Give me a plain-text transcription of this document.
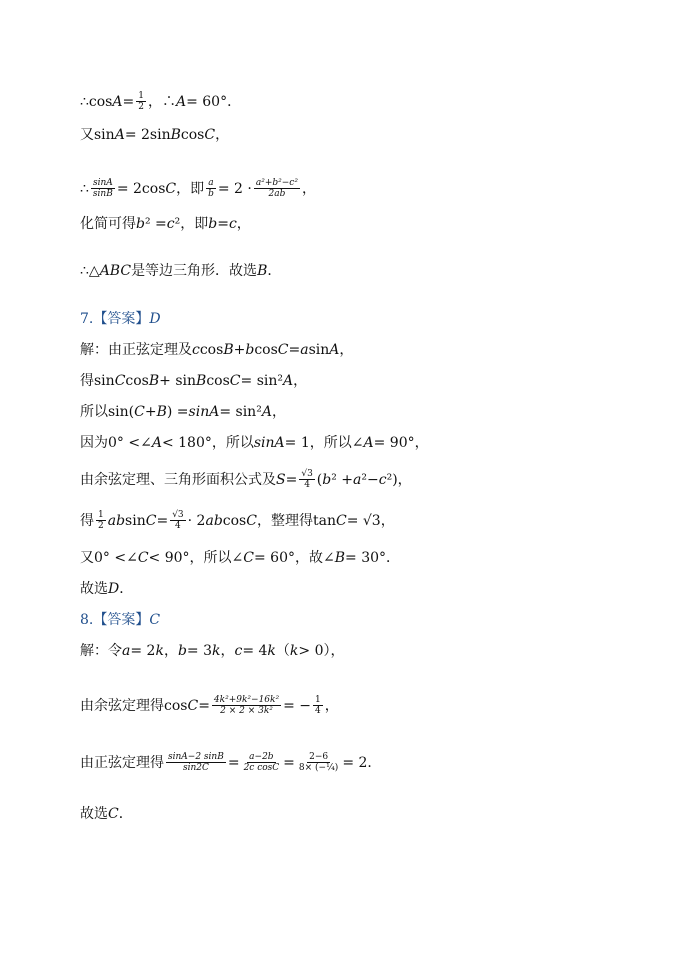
∴cos $A = \frac{1}{2}$ ，∴ A = 60°．
又sin A = 2sin B cos C ，
∴ $\frac{\sin A}{\sin B} = 2\cos$ C ，即 $\frac{a}{b} = 2 \cdot \frac{\text{a²+b²−c²}}{2ab}$ ，
化简可得 b ² = c ²，即 b = c ，
∴△ ABC 是等边三角形．故选 B ．
7.【答案】 D
解：由正弦定理及 c cos B + b cos C = a sin A ，
得sin C cos B + sin B cos C = sin² A ，
所以sin( C + B ) = sinA = sin² A ，
因为0° <∠ A < 180°，所以 sinA = 1，所以∠ A = 90°，
由余弦定理、三角形面积公式及 $S = \frac{√3}{4}$ ( b ² + a ²− c ²)，
得 $\frac{1}{2}$ ab $\sin C = \frac{√3}{4} \cdot 2$ ab cos C ，整理得tan C = √3，
又0° <∠ C < 90°，所以∠ C = 60°，故∠ B = 30°．
故选 D ．
8.【答案】 C
解：令 a = 2 k ， b = 3 k ， c = 4 k （ k > 0），
由余弦定理得$\cos C = \frac{\text{4k²+9k²−16k²}}{\text{2 × 2 × 3k²}}$ = − $\frac{1}{4}$ ，
由正弦定理得 $\frac{\sin A-2 \sin B}{\sin 2C} = \frac{a-2b}{\text{2c cosC}} = \frac{2-6}{\text{8× (−¼)}} = 2$．
故选 C ．
